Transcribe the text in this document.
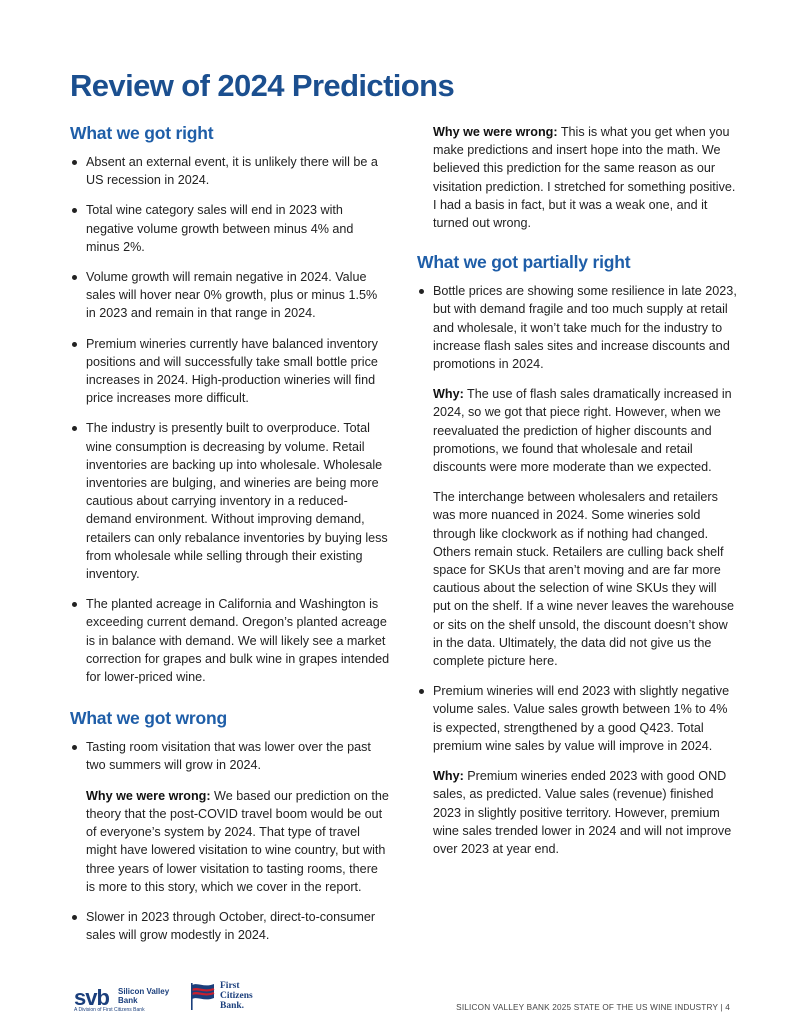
Review of 2024 Predictions
What we got right
Absent an external event, it is unlikely there will be a US recession in 2024.
Total wine category sales will end in 2023 with negative volume growth between minus 4% and minus 2%.
Volume growth will remain negative in 2024. Value sales will hover near 0% growth, plus or minus 1.5% in 2023 and remain in that range in 2024.
Premium wineries currently have balanced inventory positions and will successfully take small bottle price increases in 2024. High-production wineries will find price increases more difficult.
The industry is presently built to overproduce. Total wine consumption is decreasing by volume. Retail inventories are backing up into wholesale. Wholesale inventories are bulging, and wineries are being more cautious about carrying inventory in a reduced-demand environment. Without improving demand, retailers can only rebalance inventories by buying less from wholesale while selling through their existing inventory.
The planted acreage in California and Washington is exceeding current demand. Oregon’s planted acreage is in balance with demand. We will likely see a market correction for grapes and bulk wine in grapes intended for lower-priced wine.
What we got wrong
Tasting room visitation that was lower over the past two summers will grow in 2024.

Why we were wrong: We based our prediction on the theory that the post-COVID travel boom would be out of everyone’s system by 2024. That type of travel might have lowered visitation to wine country, but with three years of lower visitation to tasting rooms, there is more to this story, which we cover in the report.

Slower in 2023 through October, direct-to-consumer sales will grow modestly in 2024.

Why we were wrong: This is what you get when you make predictions and insert hope into the math. We believed this prediction for the same reason as our visitation prediction. I stretched for something positive. I had a basis in fact, but it was a weak one, and it turned out wrong.

What we got partially right
Bottle prices are showing some resilience in late 2023, but with demand fragile and too much supply at retail and wholesale, it won’t take much for the industry to increase flash sales sites and increase discounts and promotions in 2024.

Why: The use of flash sales dramatically increased in 2024, so we got that piece right. However, when we reevaluated the prediction of higher discounts and promotions, we found that wholesale and retail discounts were more moderate than we expected.

The interchange between wholesalers and retailers was more nuanced in 2024. Some wineries sold through like clockwork as if nothing had changed. Others remain stuck. Retailers are culling back shelf space for SKUs that aren’t moving and are far more cautious about the selection of wine SKUs they will put on the shelf. If a wine never leaves the warehouse or sits on the shelf unsold, the discount doesn’t show in the data. Ultimately, the data did not give us the complete picture here.

Premium wineries will end 2023 with slightly negative volume sales. Value sales growth between 1% to 4% is expected, strengthened by a good Q423. Total premium wine sales by value will improve in 2024.

Why: Premium wineries ended 2023 with good OND sales, as predicted. Value sales (revenue) finished 2023 in slightly positive territory. However, premium wine sales trended lower in 2024 and will not improve over 2023 at year end.

svb Silicon Valley
Bank
A Division of First Citizens Bank
First
Citizens
Bank.	SILICON VALLEY BANK 2025 STATE OF THE US WINE INDUSTRY | 4
